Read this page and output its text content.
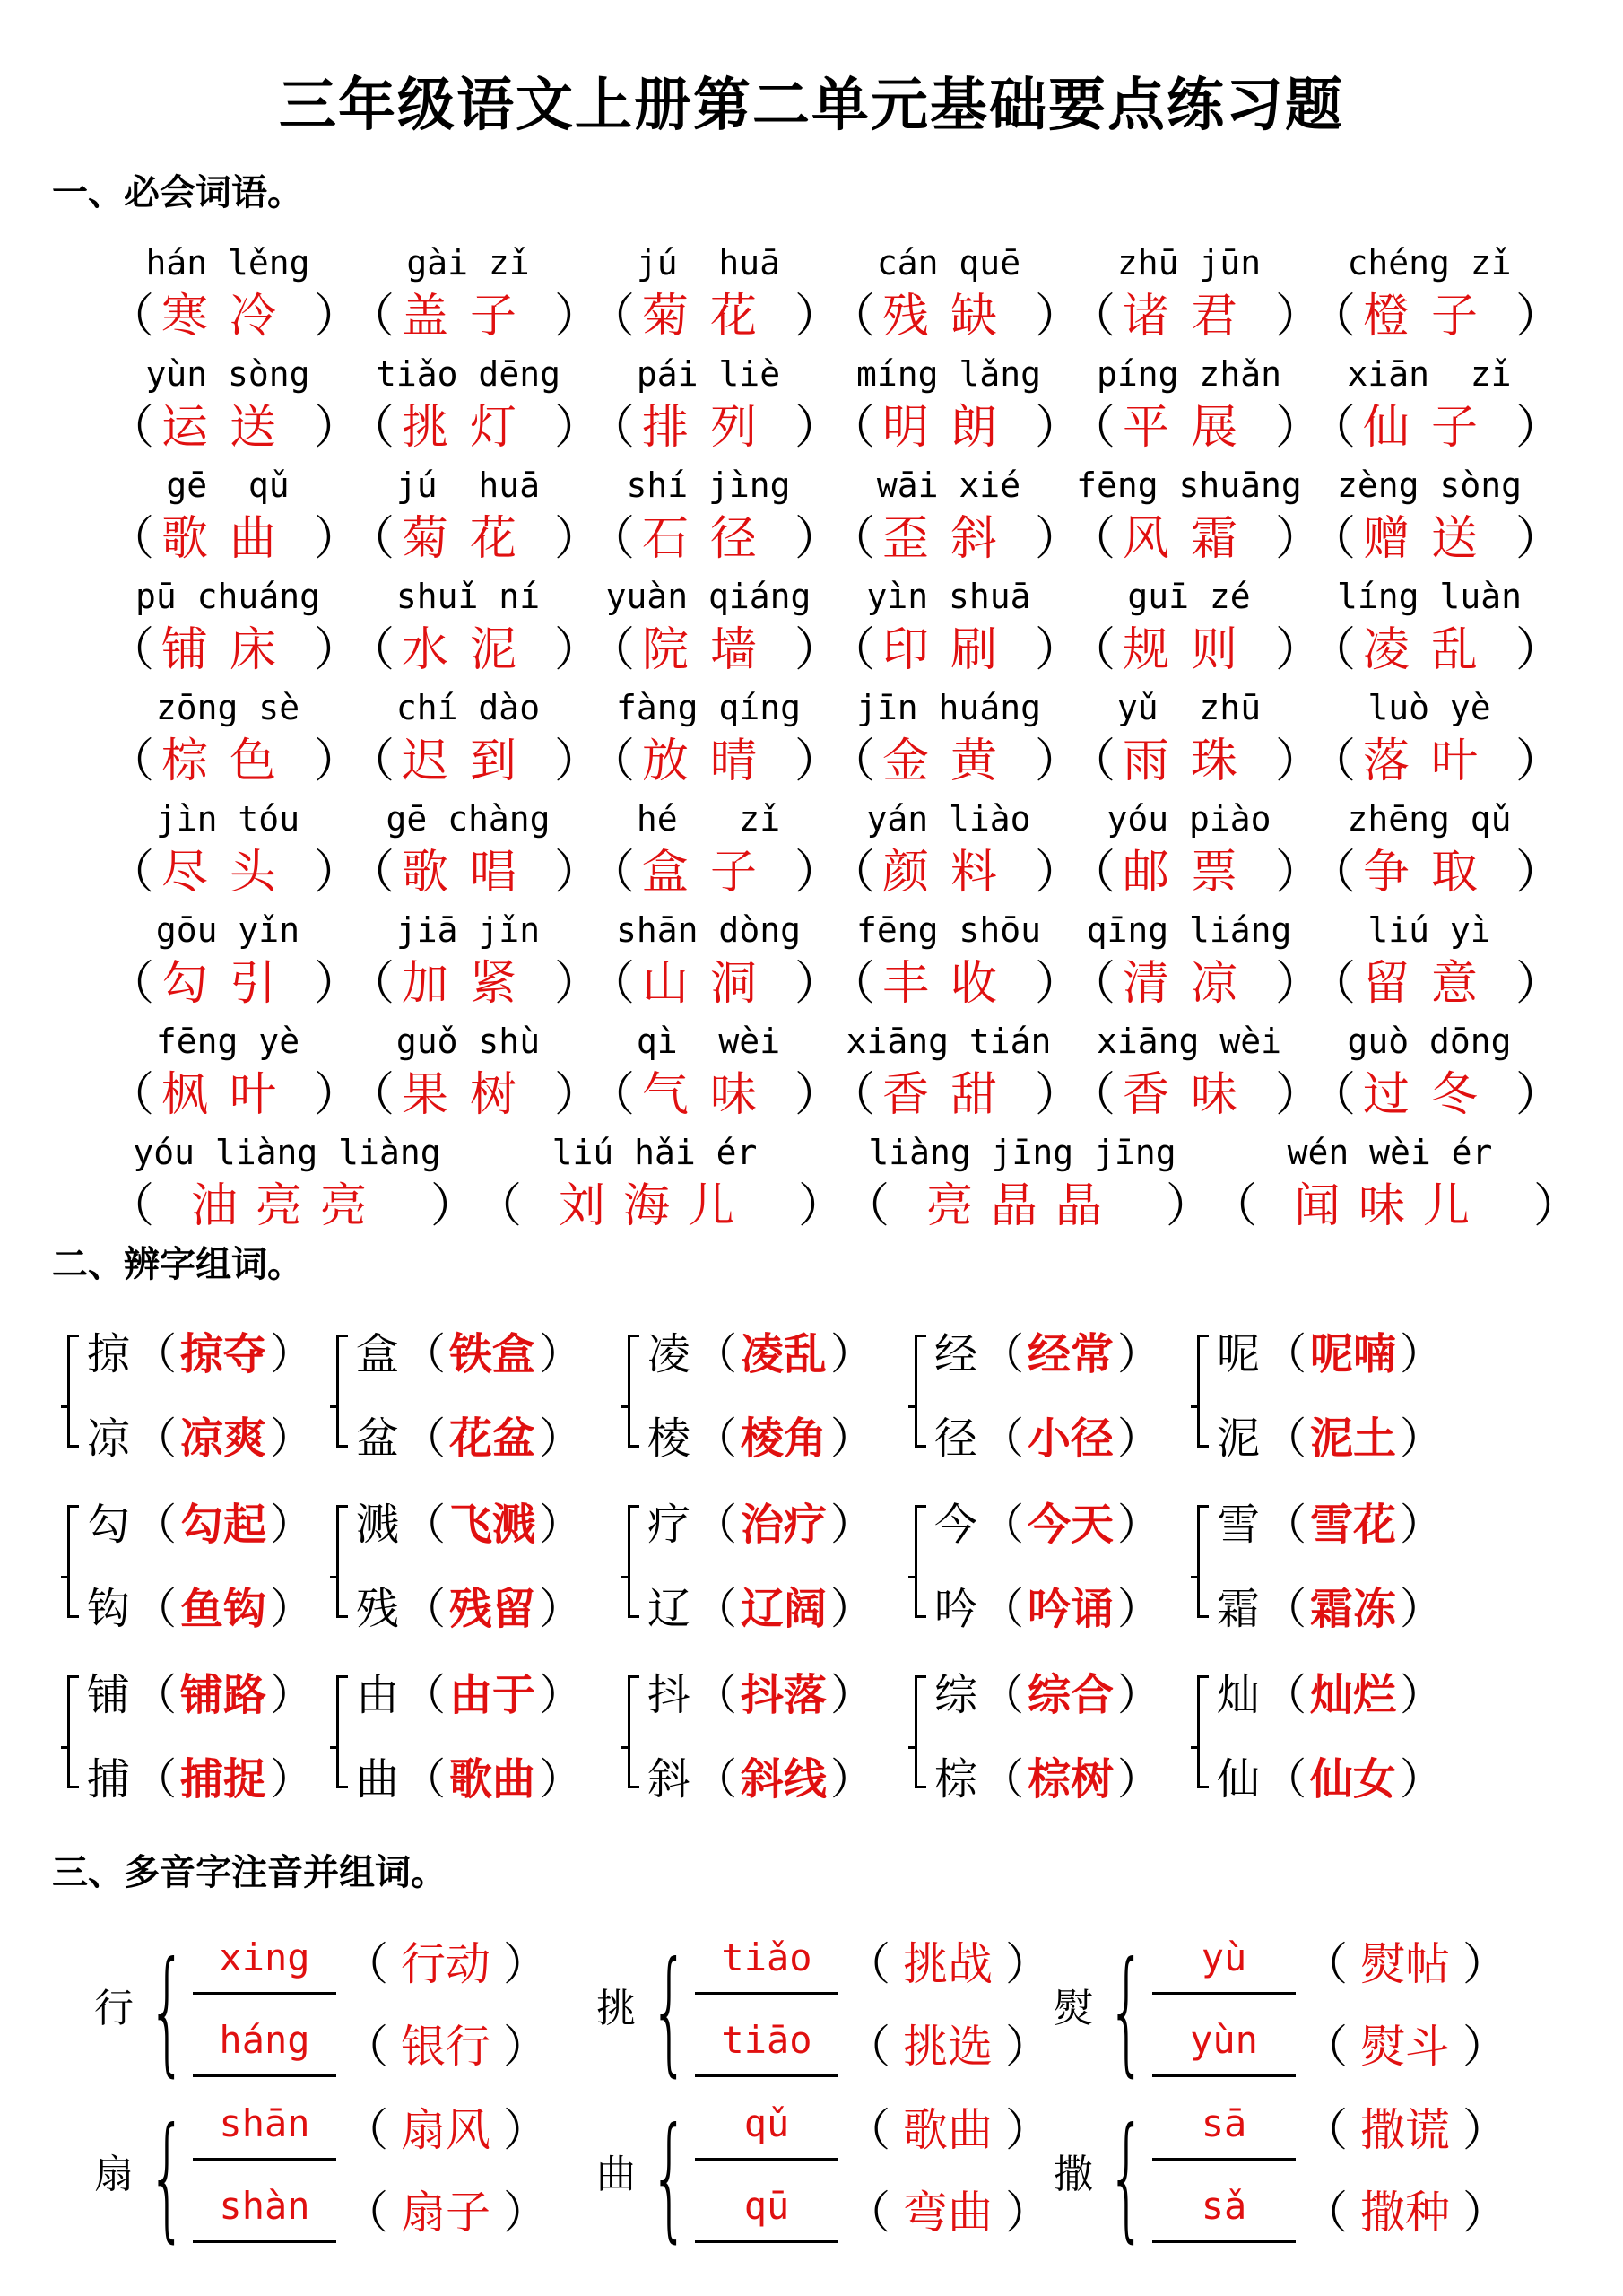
三年级语文上册第二单元基础要点练习题
一、必会词语。
hán lěng
（ 寒冷 ）
gài zǐ
（ 盖子 ）
jú  huā
（ 菊花 ）
cán quē
（ 残缺 ）
zhū jūn
（ 诸君 ）
chéng zǐ
（ 橙子 ）
yùn sòng
（ 运送 ）
tiǎo dēng
（ 挑灯 ）
pái liè
（ 排列 ）
míng lǎng
（ 明朗 ）
píng zhǎn
（ 平展 ）
xiān  zǐ
（ 仙子 ）
gē  qǔ
（ 歌曲 ）
jú  huā
（ 菊花 ）
shí jìng
（ 石径 ）
wāi xié
（ 歪斜 ）
fēng shuāng
（ 风霜 ）
zèng sòng
（ 赠送 ）
pū chuáng
（ 铺床 ）
shuǐ ní
（ 水泥 ）
yuàn qiáng
（ 院墙 ）
yìn shuā
（ 印刷 ）
guī zé
（ 规则 ）
líng luàn
（ 凌乱 ）
zōng sè
（ 棕色 ）
chí dào
（ 迟到 ）
fàng qíng
（ 放晴 ）
jīn huáng
（ 金黄 ）
yǔ  zhū
（ 雨珠 ）
luò yè
（ 落叶 ）
jìn tóu
（ 尽头 ）
gē chàng
（ 歌唱 ）
hé   zǐ
（ 盒子 ）
yán liào
（ 颜料 ）
yóu piào
（ 邮票 ）
zhēng qǔ
（ 争取 ）
gōu yǐn
（ 勾引 ）
jiā jǐn
（ 加紧 ）
shān dòng
（ 山洞 ）
fēng shōu
（ 丰收 ）
qīng liáng
（ 清凉 ）
liú yì
（ 留意 ）
fēng yè
（ 枫叶 ）
guǒ shù
（ 果树 ）
qì  wèi
（ 气味 ）
xiāng tián
（ 香甜 ）
xiāng wèi
（ 香味 ）
guò dōng
（ 过冬 ）
yóu liàng liàng
（ 油亮亮 ）
liú hǎi ér
（ 刘海儿 ）
liàng jīng jīng
（ 亮晶晶 ）
wén wèi ér
（ 闻味儿 ）
二、辨字组词。
掠（掠夺）
凉（凉爽）
盒（铁盒）
盆（花盆）
凌（凌乱）
棱（棱角）
经（经常）
径（小径）
呢（呢喃）
泥（泥土）
勾（勾起）
钩（鱼钩）
溅（飞溅）
残（残留）
疗（治疗）
辽（辽阔）
今（今天）
吟（吟诵）
雪（雪花）
霜（霜冻）
铺（铺路）
捕（捕捉）
由（由于）
曲（歌曲）
抖（抖落）
斜（斜线）
综（综合）
棕（棕树）
灿（灿烂）
仙（仙女）
三、多音字注音并组词。
行 { xing （ 行动 ）
háng （ 银行 ）
挑 { tiǎo （ 挑战 ）
tiāo （ 挑选 ）
熨 {	yù	（ 熨帖 ）
yùn	（ 熨斗 ）
扇 { shān （ 扇风 ）
shàn （ 扇子 ）
曲 {	qǔ	（ 歌曲 ）
qū	（ 弯曲 ）
撒 {	sā	（ 撒谎 ）
sǎ	（ 撒种 ）
